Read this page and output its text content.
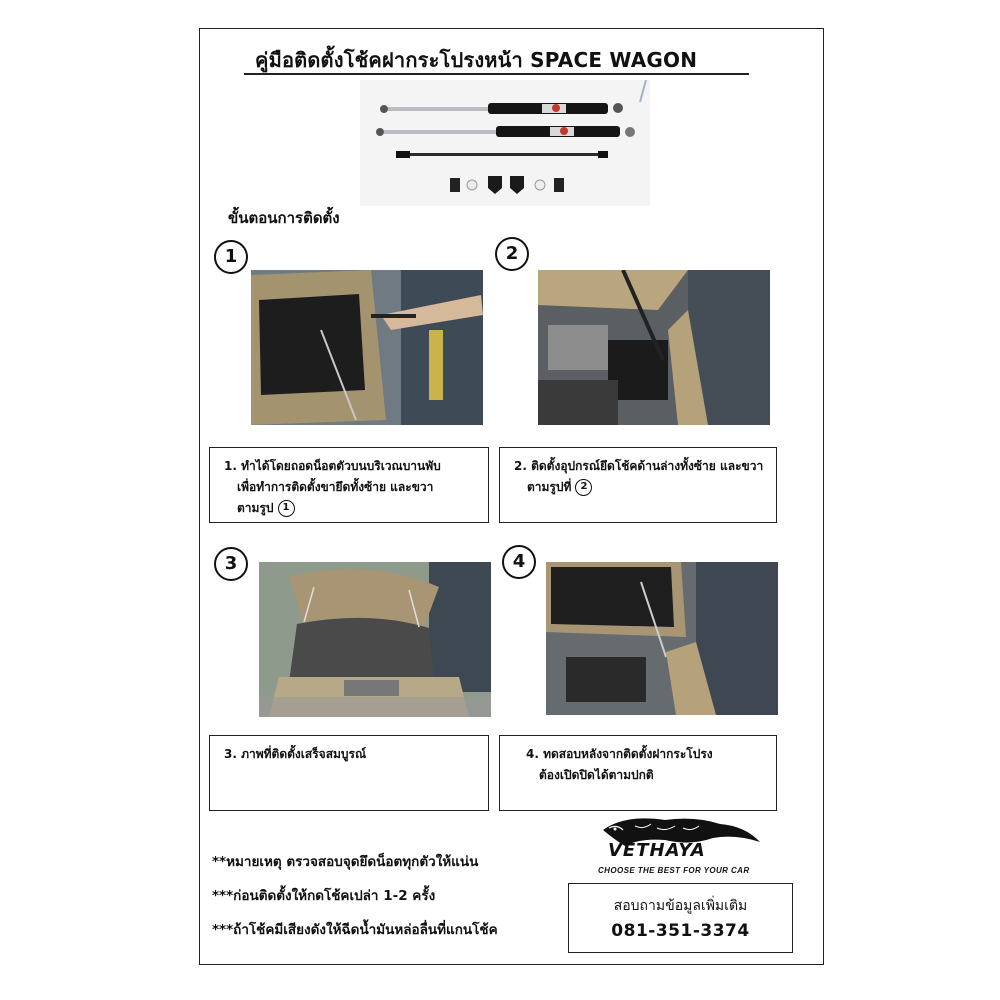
คู่มือติดตั้งโช้คฝากระโปรงหน้า SPACE WAGON
ขั้นตอนการติดตั้ง
1
1. ทำได้โดยถอดน็อตตัวบนบริเวณบานพับ
เพื่อทำการติดตั้งขายึดทั้งซ้าย และขวา
ตามรูป 1
2
2. ติดตั้งอุปกรณ์ยึดโช้คด้านล่างทั้งซ้าย และขวา
ตามรูปที่ 2
3
3. ภาพที่ติดตั้งเสร็จสมบูรณ์
4
4. ทดสอบหลังจากติดตั้งฝากระโปรง
ต้องเปิดปิดได้ตามปกติ
**หมายเหตุ ตรวจสอบจุดยึดน็อตทุกตัวให้แน่น
***ก่อนติดตั้งให้กดโช้คเปล่า 1-2 ครั้ง
***ถ้าโช้คมีเสียงดังให้ฉีดน้ำมันหล่อลื่นที่แกนโช้ค
VETHAYA
CHOOSE THE BEST FOR YOUR CAR
สอบถามข้อมูลเพิ่มเติม
081-351-3374
